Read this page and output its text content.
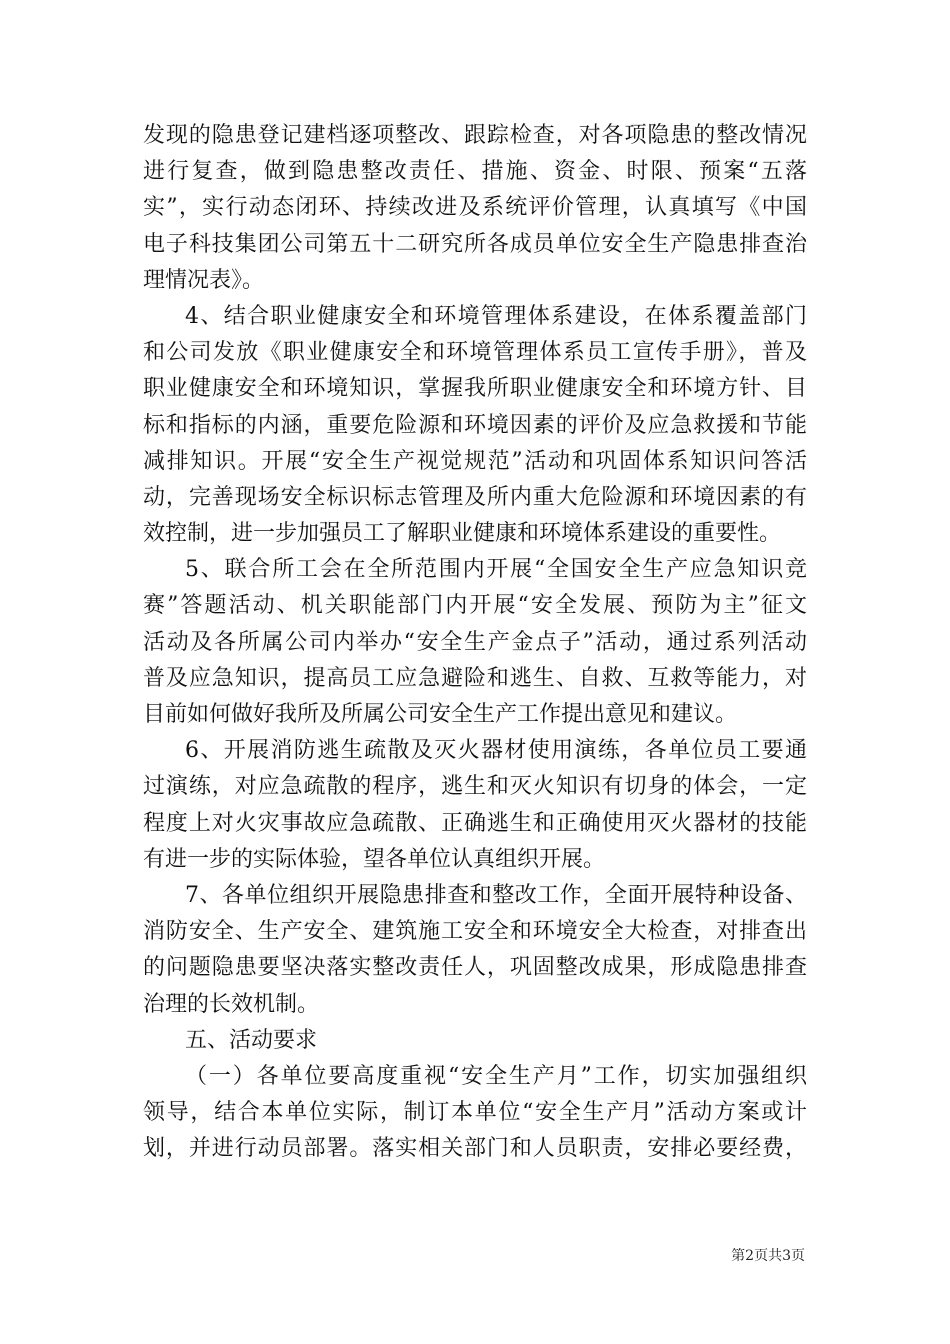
发现的隐患登记建档逐项整改、跟踪检查，对各项隐患的整改情况
进行复查，做到隐患整改责任、措施、资金、时限、预案“五落
实”，实行动态闭环、持续改进及系统评价管理，认真填写《中国
电子科技集团公司第五十二研究所各成员单位安全生产隐患排查治
理情况表》。
4、结合职业健康安全和环境管理体系建设，在体系覆盖部门
和公司发放《职业健康安全和环境管理体系员工宣传手册》，普及
职业健康安全和环境知识，掌握我所职业健康安全和环境方针、目
标和指标的内涵，重要危险源和环境因素的评价及应急救援和节能
减排知识。开展“安全生产视觉规范”活动和巩固体系知识问答活
动，完善现场安全标识标志管理及所内重大危险源和环境因素的有
效控制，进一步加强员工了解职业健康和环境体系建设的重要性。
5、联合所工会在全所范围内开展“全国安全生产应急知识竞
赛”答题活动、机关职能部门内开展“安全发展、预防为主”征文
活动及各所属公司内举办“安全生产金点子”活动，通过系列活动
普及应急知识，提高员工应急避险和逃生、自救、互救等能力，对
目前如何做好我所及所属公司安全生产工作提出意见和建议。
6、开展消防逃生疏散及灭火器材使用演练，各单位员工要通
过演练，对应急疏散的程序，逃生和灭火知识有切身的体会，一定
程度上对火灾事故应急疏散、正确逃生和正确使用灭火器材的技能
有进一步的实际体验，望各单位认真组织开展。
7、各单位组织开展隐患排查和整改工作，全面开展特种设备、
消防安全、生产安全、建筑施工安全和环境安全大检查，对排查出
的问题隐患要坚决落实整改责任人，巩固整改成果，形成隐患排查
治理的长效机制。
五、活动要求
（一）各单位要高度重视“安全生产月”工作，切实加强组织
领导，结合本单位实际，制订本单位“安全生产月”活动方案或计
划，并进行动员部署。落实相关部门和人员职责，安排必要经费，
第2页共3页
